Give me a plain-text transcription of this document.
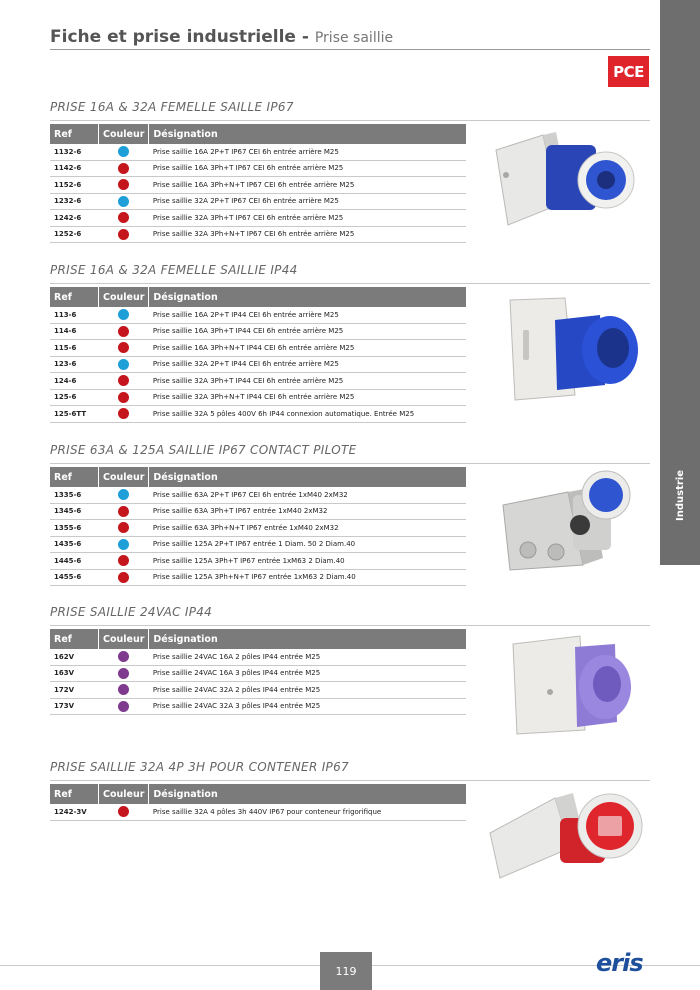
Fiche et prise industrielle - Prise saillie
Industrie
PCE
PRISE 16A & 32A FEMELLE SAILLE IP67
Ref	Couleur	Désignation
1132-6		Prise saillie 16A 2P+T IP67 CEI 6h entrée arrière M25
1142-6		Prise saillie 16A 3Ph+T IP67 CEI 6h entrée arrière M25
1152-6		Prise saillie 16A 3Ph+N+T IP67 CEI 6h entrée arrière M25
1232-6		Prise saillie 32A 2P+T IP67 CEI 6h entrée arrière M25
1242-6		Prise saillie 32A 3Ph+T IP67 CEI 6h entrée arrière M25
1252-6		Prise saillie 32A 3Ph+N+T IP67 CEI 6h entrée arrière M25
PRISE 16A & 32A FEMELLE SAILLIE IP44
Ref	Couleur	Désignation
113-6		Prise saillie 16A 2P+T IP44 CEI 6h entrée arrière M25
114-6		Prise saillie 16A 3Ph+T IP44 CEI 6h entrée arrière M25
115-6		Prise saillie 16A 3Ph+N+T IP44 CEI 6h entrée arrière M25
123-6		Prise saillie 32A 2P+T IP44 CEI 6h entrée arrière M25
124-6		Prise saillie 32A 3Ph+T IP44 CEI 6h entrée arrière M25
125-6		Prise saillie 32A 3Ph+N+T IP44 CEI 6h entrée arrière M25
125-6TT		Prise saillie 32A 5 pôles 400V 6h IP44 connexion automatique. Entrée M25
PRISE 63A & 125A SAILLIE IP67 CONTACT PILOTE
Ref	Couleur	Désignation
1335-6		Prise saillie 63A 2P+T IP67 CEI 6h entrée 1xM40 2xM32
1345-6		Prise saillie 63A 3Ph+T IP67 entrée 1xM40 2xM32
1355-6		Prise saillie 63A 3Ph+N+T IP67 entrée 1xM40 2xM32
1435-6		Prise saillie 125A 2P+T IP67 entrée 1 Diam. 50 2 Diam.40
1445-6		Prise saillie 125A 3Ph+T IP67 entrée 1xM63 2 Diam.40
1455-6		Prise saillie 125A 3Ph+N+T IP67 entrée 1xM63 2 Diam.40
PRISE SAILLIE 24VAC IP44
Ref	Couleur	Désignation
162V		Prise saillie 24VAC 16A 2 pôles IP44 entrée M25
163V		Prise saillie 24VAC 16A 3 pôles IP44 entrée M25
172V		Prise saillie 24VAC 32A 2 pôles IP44 entrée M25
173V		Prise saillie 24VAC 32A 3 pôles IP44 entrée M25
PRISE SAILLIE 32A 4P 3H POUR CONTENER IP67
Ref	Couleur	Désignation
1242-3V		Prise saillie 32A 4 pôles 3h 440V IP67 pour conteneur frigorifique
119	eris
